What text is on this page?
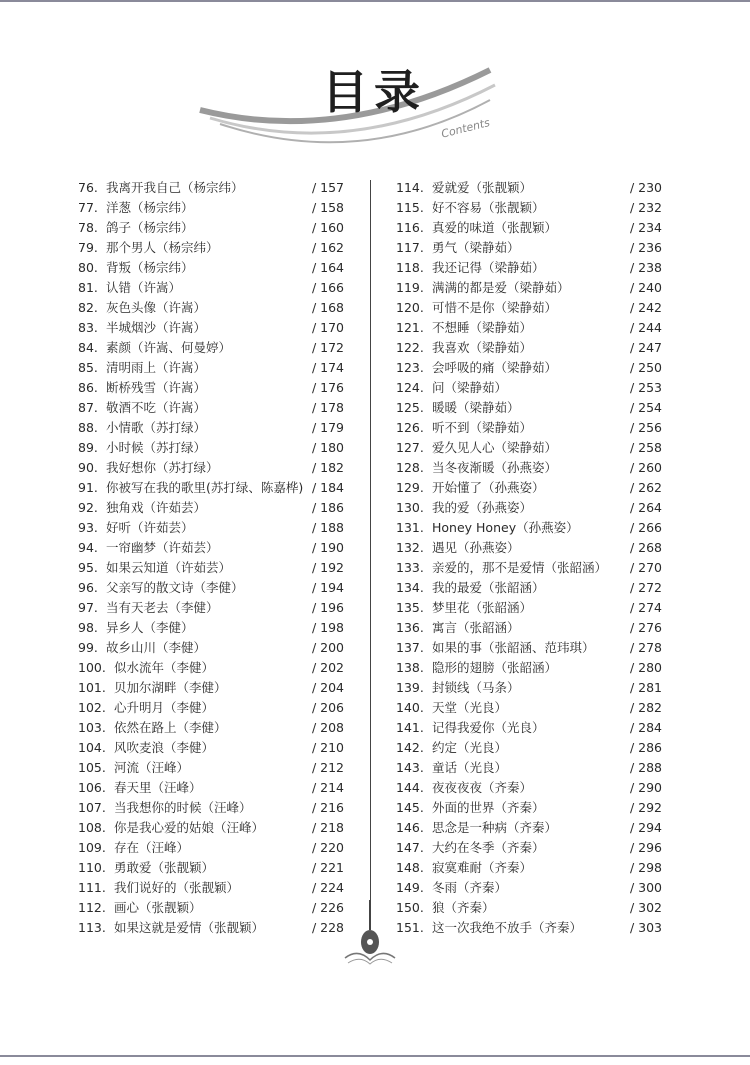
目录
Contents
76. 我离开我自己（杨宗纬）	/ 157
77. 洋葱（杨宗纬）	/ 158
78. 鸽子（杨宗纬）	/ 160
79. 那个男人（杨宗纬）	/ 162
80. 背叛（杨宗纬）	/ 164
81. 认错（许嵩）	/ 166
82. 灰色头像（许嵩）	/ 168
83. 半城烟沙（许嵩）	/ 170
84. 素颜（许嵩、何曼婷）	/ 172
85. 清明雨上（许嵩）	/ 174
86. 断桥残雪（许嵩）	/ 176
87. 敬酒不吃（许嵩）	/ 178
88. 小情歌（苏打绿）	/ 179
89. 小时候（苏打绿）	/ 180
90. 我好想你（苏打绿）	/ 182
91. 你被写在我的歌里(苏打绿、陈嘉桦) / 184
92. 独角戏（许茹芸）	/ 186
93. 好听（许茹芸）	/ 188
94. 一帘幽梦（许茹芸）	/ 190
95. 如果云知道（许茹芸）	/ 192
96. 父亲写的散文诗（李健）	/ 194
97. 当有天老去（李健）	/ 196
98. 异乡人（李健）	/ 198
99. 故乡山川（李健）	/ 200
100. 似水流年（李健）	/ 202
101. 贝加尔湖畔（李健）	/ 204
102. 心升明月（李健）	/ 206
103. 依然在路上（李健）	/ 208
104. 风吹麦浪（李健）	/ 210
105. 河流（汪峰）	/ 212
106. 春天里（汪峰）	/ 214
107. 当我想你的时候（汪峰）	/ 216
108. 你是我心爱的姑娘（汪峰）	/ 218
109. 存在（汪峰）	/ 220
110. 勇敢爱（张靓颖）	/ 221
111. 我们说好的（张靓颖）	/ 224
112. 画心（张靓颖）	/ 226
113. 如果这就是爱情（张靓颖）	/ 228
114. 爱就爱（张靓颖）	/ 230
115. 好不容易（张靓颖）	/ 232
116. 真爱的味道（张靓颖）	/ 234
117. 勇气（梁静茹）	/ 236
118. 我还记得（梁静茹）	/ 238
119. 满满的都是爱（梁静茹）	/ 240
120. 可惜不是你（梁静茹）	/ 242
121. 不想睡（梁静茹）	/ 244
122. 我喜欢（梁静茹）	/ 247
123. 会呼吸的痛（梁静茹）	/ 250
124. 问（梁静茹）	/ 253
125. 暖暖（梁静茹）	/ 254
126. 听不到（梁静茹）	/ 256
127. 爱久见人心（梁静茹）	/ 258
128. 当冬夜渐暖（孙燕姿）	/ 260
129. 开始懂了（孙燕姿）	/ 262
130. 我的爱（孙燕姿）	/ 264
131. Honey Honey（孙燕姿）	/ 266
132. 遇见（孙燕姿）	/ 268
133. 亲爱的，那不是爱情（张韶涵） / 270
134. 我的最爱（张韶涵）	/ 272
135. 梦里花（张韶涵）	/ 274
136. 寓言（张韶涵）	/ 276
137. 如果的事（张韶涵、范玮琪）	/ 278
138. 隐形的翅膀（张韶涵）	/ 280
139. 封锁线（马条）	/ 281
140. 天堂（光良）	/ 282
141. 记得我爱你（光良）	/ 284
142. 约定（光良）	/ 286
143. 童话（光良）	/ 288
144. 夜夜夜夜（齐秦）	/ 290
145. 外面的世界（齐秦）	/ 292
146. 思念是一种病（齐秦）	/ 294
147. 大约在冬季（齐秦）	/ 296
148. 寂寞难耐（齐秦）	/ 298
149. 冬雨（齐秦）	/ 300
150. 狼（齐秦）	/ 302
151. 这一次我绝不放手（齐秦）	/ 303
